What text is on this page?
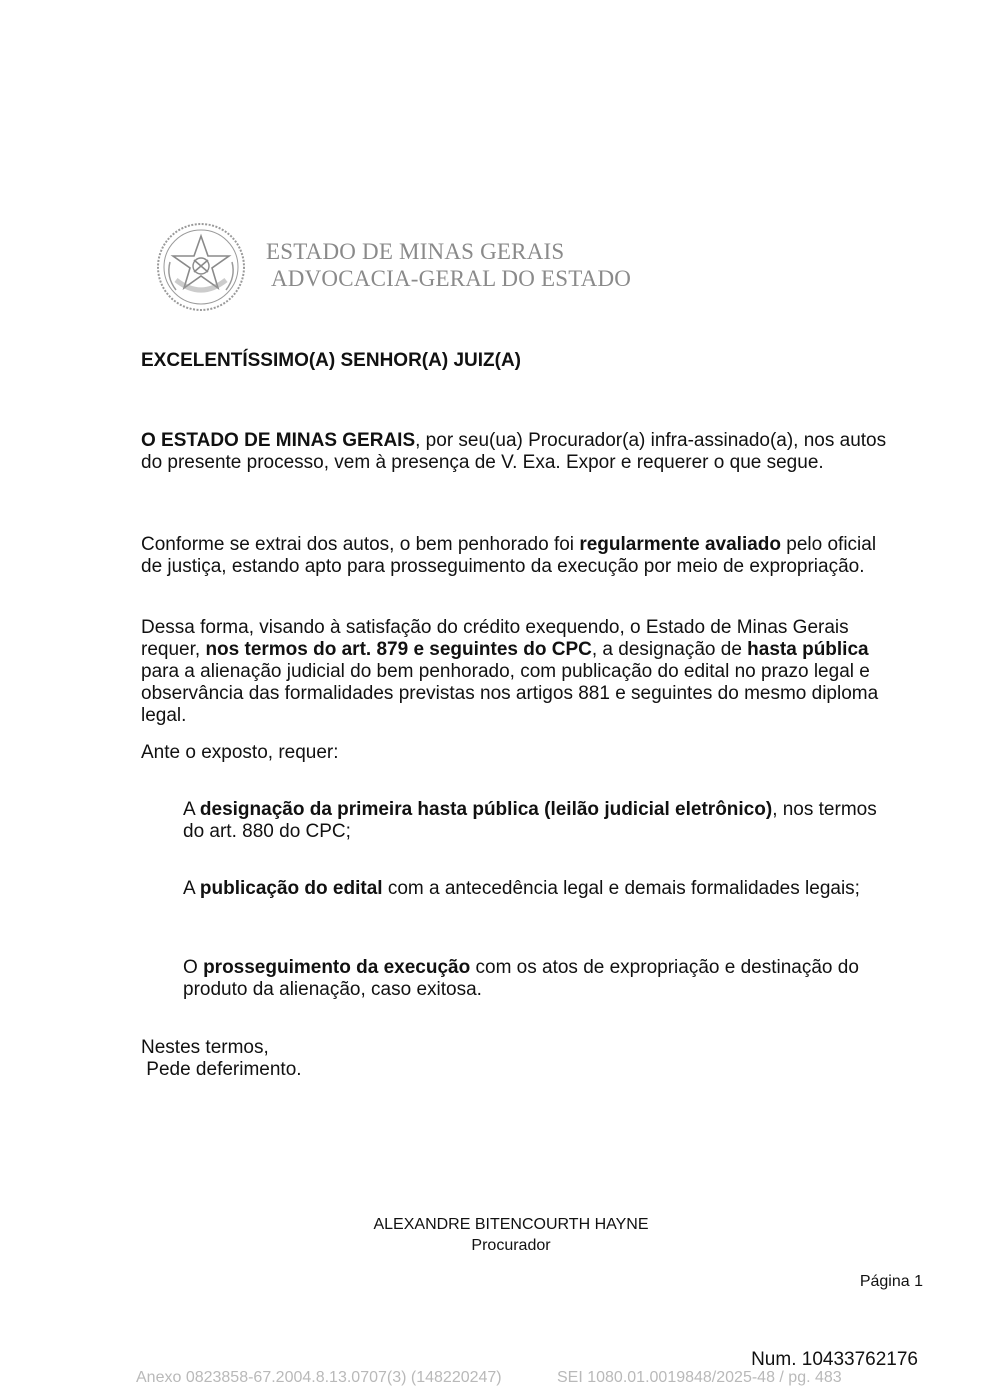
ESTADO DE MINAS GERAIS
ADVOCACIA-GERAL DO ESTADO
EXCELENTÍSSIMO(A) SENHOR(A) JUIZ(A)

O ESTADO DE MINAS GERAIS, por seu(ua) Procurador(a) infra-assinado(a), nos autos do presente processo, vem à presença de V. Exa. Expor e requerer o que segue.

Conforme se extrai dos autos, o bem penhorado foi regularmente avaliado pelo oficial de justiça, estando apto para prosseguimento da execução por meio de expropriação.

Dessa forma, visando à satisfação do crédito exequendo, o Estado de Minas Gerais requer, nos termos do art. 879 e seguintes do CPC, a designação de hasta pública para a alienação judicial do bem penhorado, com publicação do edital no prazo legal e observância das formalidades previstas nos artigos 881 e seguintes do mesmo diploma legal.

Ante o exposto, requer:

A designação da primeira hasta pública (leilão judicial eletrônico), nos termos do art. 880 do CPC;

A publicação do edital com a antecedência legal e demais formalidades legais;

O prosseguimento da execução com os atos de expropriação e destinação do produto da alienação, caso exitosa.

Nestes termos,
Pede deferimento.
ALEXANDRE BITENCOURTH HAYNE
Procurador
Página 1
Num. 10433762176
Anexo 0823858-67.2004.8.13.0707(3) (148220247)	SEI 1080.01.0019848/2025-48 / pg. 483
